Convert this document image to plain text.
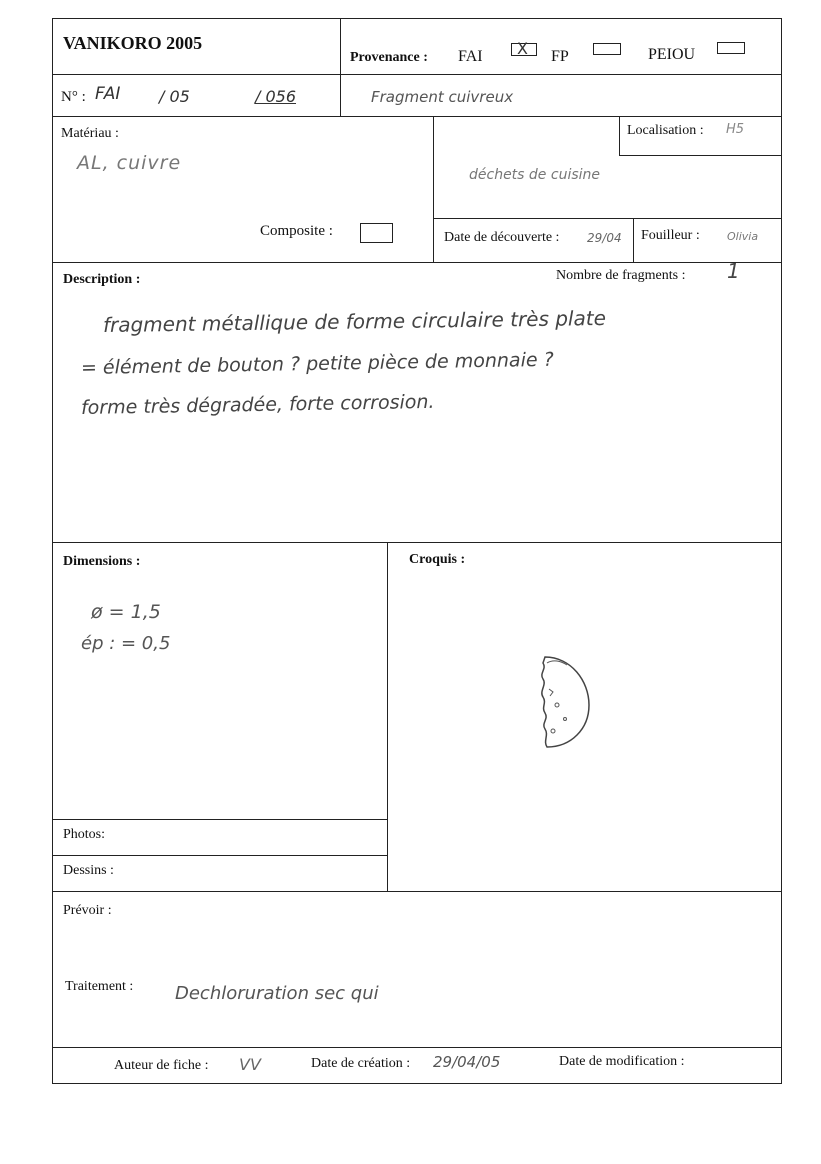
VANIKORO 2005
Provenance : FAI X FP	PEIOU
N° : FAI / 05	/ 056	Fragment cuivreux
Matériau :
AL, cuivre
Composite :
Localisation : H5
déchets de cuisine
Date de découverte : 29/04 Fouilleur : Olivia
Description :	Nombre de fragments : 1
fragment métallique de forme circulaire très plate
= élément de bouton ? petite pièce de monnaie ?
forme très dégradée, forte corrosion.
Dimensions :
ø = 1,5
ép : = 0,5
Croquis :
Photos:
Dessins :
Prévoir :
Traitement : Dechloruration sec qui
Auteur de fiche : VV	Date de création : 29/04/05	Date de modification :
